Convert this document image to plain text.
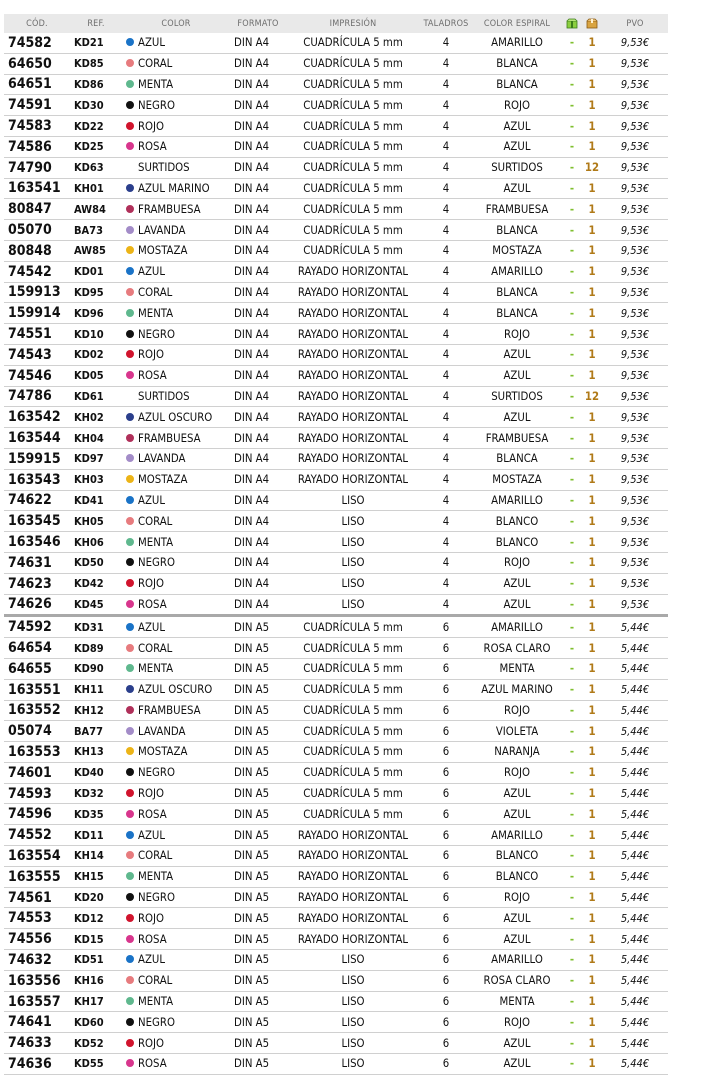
CÓD.	REF.	COLOR	FORMATO	IMPRESIÓN	TALADROS	COLOR ESPIRAL			PVO
74582	KD21	AZUL	DIN A4	CUADRÍCULA 5 mm	4	AMARILLO	-	1	9,53€
64650	KD85	CORAL	DIN A4	CUADRÍCULA 5 mm	4	BLANCA	-	1	9,53€
64651	KD86	MENTA	DIN A4	CUADRÍCULA 5 mm	4	BLANCA	-	1	9,53€
74591	KD30	NEGRO	DIN A4	CUADRÍCULA 5 mm	4	ROJO	-	1	9,53€
74583	KD22	ROJO	DIN A4	CUADRÍCULA 5 mm	4	AZUL	-	1	9,53€
74586	KD25	ROSA	DIN A4	CUADRÍCULA 5 mm	4	AZUL	-	1	9,53€
74790	KD63	SURTIDOS	DIN A4	CUADRÍCULA 5 mm	4	SURTIDOS	-	12	9,53€
163541	KH01	AZUL MARINO	DIN A4	CUADRÍCULA 5 mm	4	AZUL	-	1	9,53€
80847	AW84	FRAMBUESA	DIN A4	CUADRÍCULA 5 mm	4	FRAMBUESA	-	1	9,53€
05070	BA73	LAVANDA	DIN A4	CUADRÍCULA 5 mm	4	BLANCA	-	1	9,53€
80848	AW85	MOSTAZA	DIN A4	CUADRÍCULA 5 mm	4	MOSTAZA	-	1	9,53€
74542	KD01	AZUL	DIN A4	RAYADO HORIZONTAL	4	AMARILLO	-	1	9,53€
159913	KD95	CORAL	DIN A4	RAYADO HORIZONTAL	4	BLANCA	-	1	9,53€
159914	KD96	MENTA	DIN A4	RAYADO HORIZONTAL	4	BLANCA	-	1	9,53€
74551	KD10	NEGRO	DIN A4	RAYADO HORIZONTAL	4	ROJO	-	1	9,53€
74543	KD02	ROJO	DIN A4	RAYADO HORIZONTAL	4	AZUL	-	1	9,53€
74546	KD05	ROSA	DIN A4	RAYADO HORIZONTAL	4	AZUL	-	1	9,53€
74786	KD61	SURTIDOS	DIN A4	RAYADO HORIZONTAL	4	SURTIDOS	-	12	9,53€
163542	KH02	AZUL OSCURO	DIN A4	RAYADO HORIZONTAL	4	AZUL	-	1	9,53€
163544	KH04	FRAMBUESA	DIN A4	RAYADO HORIZONTAL	4	FRAMBUESA	-	1	9,53€
159915	KD97	LAVANDA	DIN A4	RAYADO HORIZONTAL	4	BLANCA	-	1	9,53€
163543	KH03	MOSTAZA	DIN A4	RAYADO HORIZONTAL	4	MOSTAZA	-	1	9,53€
74622	KD41	AZUL	DIN A4	LISO	4	AMARILLO	-	1	9,53€
163545	KH05	CORAL	DIN A4	LISO	4	BLANCO	-	1	9,53€
163546	KH06	MENTA	DIN A4	LISO	4	BLANCO	-	1	9,53€
74631	KD50	NEGRO	DIN A4	LISO	4	ROJO	-	1	9,53€
74623	KD42	ROJO	DIN A4	LISO	4	AZUL	-	1	9,53€
74626	KD45	ROSA	DIN A4	LISO	4	AZUL	-	1	9,53€
74592	KD31	AZUL	DIN A5	CUADRÍCULA 5 mm	6	AMARILLO	-	1	5,44€
64654	KD89	CORAL	DIN A5	CUADRÍCULA 5 mm	6	ROSA CLARO	-	1	5,44€
64655	KD90	MENTA	DIN A5	CUADRÍCULA 5 mm	6	MENTA	-	1	5,44€
163551	KH11	AZUL OSCURO	DIN A5	CUADRÍCULA 5 mm	6	AZUL MARINO	-	1	5,44€
163552	KH12	FRAMBUESA	DIN A5	CUADRÍCULA 5 mm	6	ROJO	-	1	5,44€
05074	BA77	LAVANDA	DIN A5	CUADRÍCULA 5 mm	6	VIOLETA	-	1	5,44€
163553	KH13	MOSTAZA	DIN A5	CUADRÍCULA 5 mm	6	NARANJA	-	1	5,44€
74601	KD40	NEGRO	DIN A5	CUADRÍCULA 5 mm	6	ROJO	-	1	5,44€
74593	KD32	ROJO	DIN A5	CUADRÍCULA 5 mm	6	AZUL	-	1	5,44€
74596	KD35	ROSA	DIN A5	CUADRÍCULA 5 mm	6	AZUL	-	1	5,44€
74552	KD11	AZUL	DIN A5	RAYADO HORIZONTAL	6	AMARILLO	-	1	5,44€
163554	KH14	CORAL	DIN A5	RAYADO HORIZONTAL	6	BLANCO	-	1	5,44€
163555	KH15	MENTA	DIN A5	RAYADO HORIZONTAL	6	BLANCO	-	1	5,44€
74561	KD20	NEGRO	DIN A5	RAYADO HORIZONTAL	6	ROJO	-	1	5,44€
74553	KD12	ROJO	DIN A5	RAYADO HORIZONTAL	6	AZUL	-	1	5,44€
74556	KD15	ROSA	DIN A5	RAYADO HORIZONTAL	6	AZUL	-	1	5,44€
74632	KD51	AZUL	DIN A5	LISO	6	AMARILLO	-	1	5,44€
163556	KH16	CORAL	DIN A5	LISO	6	ROSA CLARO	-	1	5,44€
163557	KH17	MENTA	DIN A5	LISO	6	MENTA	-	1	5,44€
74641	KD60	NEGRO	DIN A5	LISO	6	ROJO	-	1	5,44€
74633	KD52	ROJO	DIN A5	LISO	6	AZUL	-	1	5,44€
74636	KD55	ROSA	DIN A5	LISO	6	AZUL	-	1	5,44€
